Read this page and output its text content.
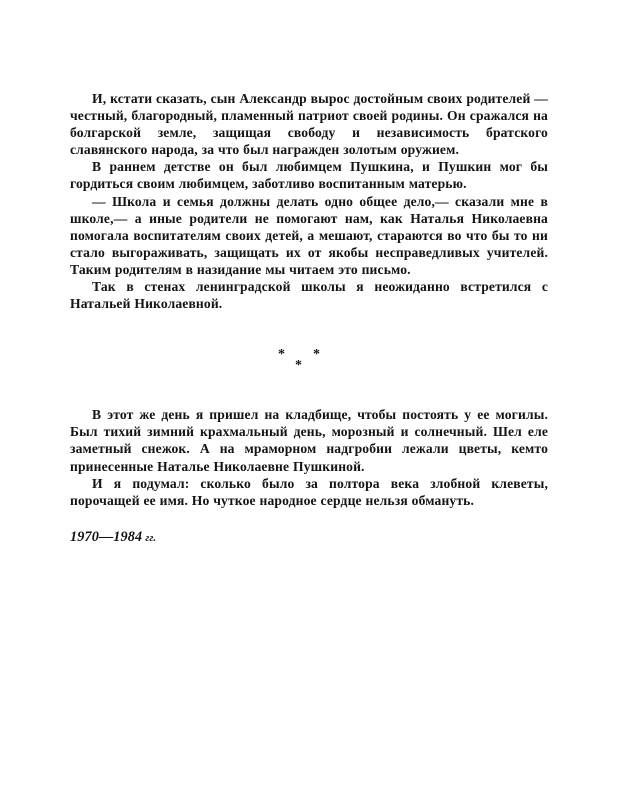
И, кстати сказать, сын Александр вырос достойным своих родителей — честный, благородный, пламенный патриот своей родины. Он сражался на болгарской земле, защищая свободу и независимость братского славянского народа, за что был награжден золотым оружием.

В раннем детстве он был любимцем Пушкина, и Пушкин мог бы гордиться своим любимцем, заботливо воспитанным матерью.

— Школа и семья должны делать одно общее дело,— сказали мне в школе,— а иные родители не помогают нам, как Наталья Николаевна помогала воспитателям своих детей, а мешают, стараются во что бы то ни стало выгораживать, защищать их от якобы несправедливых учителей. Таким родителям в назидание мы читаем это письмо.

Так в стенах ленинградской школы я неожиданно встретился с Натальей Николаевной.

* *
*

В этот же день я пришел на кладбище, чтобы постоять у ее могилы. Был тихий зимний крахмальный день, морозный и солнечный. Шел еле заметный снежок. А на мраморном надгробии лежали цветы, кемто принесенные Наталье Николаевне Пушкиной.

И я подумал: сколько было за полтора века злобной клеветы, порочащей ее имя. Но чуткое народное сердце нельзя обмануть.

1970—1984 гг.
